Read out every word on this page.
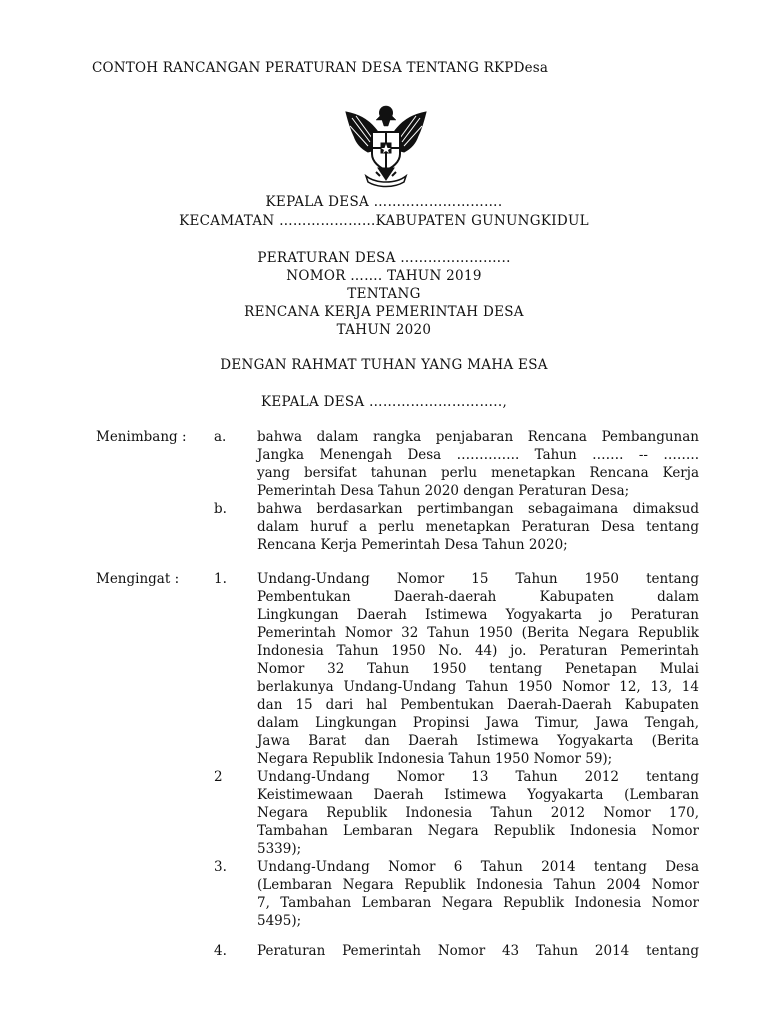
CONTOH RANCANGAN PERATURAN DESA TENTANG RKPDesa
KEPALA DESA ……………………….
KECAMATAN …………………KABUPATEN GUNUNGKIDUL
PERATURAN DESA ……………….…..
NOMOR ……. TAHUN 2019
TENTANG
RENCANA KERJA PEMERINTAH DESA
TAHUN 2020
DENGAN RAHMAT TUHAN YANG MAHA ESA
KEPALA DESA ………………………..,
Menimbang : a. bahwa dalam rangka penjabaran Rencana Pembangunan
Jangka Menengah Desa ………….. Tahun ……. -- ……..
yang bersifat tahunan perlu menetapkan Rencana Kerja
Pemerintah Desa Tahun 2020 dengan Peraturan Desa;
b. bahwa berdasarkan pertimbangan sebagaimana dimaksud
dalam huruf a perlu menetapkan Peraturan Desa tentang
Rencana Kerja Pemerintah Desa Tahun 2020;
Mengingat :	1. Undang-Undang Nomor 15 Tahun 1950 tentang
Pembentukan Daerah-daerah Kabupaten dalam
Lingkungan Daerah Istimewa Yogyakarta jo Peraturan
Pemerintah Nomor 32 Tahun 1950 (Berita Negara Republik
Indonesia Tahun 1950 No. 44) jo. Peraturan Pemerintah
Nomor 32 Tahun 1950 tentang Penetapan Mulai
berlakunya Undang-Undang Tahun 1950 Nomor 12, 13, 14
dan 15 dari hal Pembentukan Daerah-Daerah Kabupaten
dalam Lingkungan Propinsi Jawa Timur, Jawa Tengah,
Jawa Barat dan Daerah Istimewa Yogyakarta (Berita
Negara Republik Indonesia Tahun 1950 Nomor 59);
2	Undang-Undang Nomor 13 Tahun 2012 tentang
Keistimewaan Daerah Istimewa Yogyakarta (Lembaran
Negara Republik Indonesia Tahun 2012 Nomor 170,
Tambahan Lembaran Negara Republik Indonesia Nomor
5339);
3. Undang-Undang Nomor 6 Tahun 2014 tentang Desa
(Lembaran Negara Republik Indonesia Tahun 2004 Nomor
7, Tambahan Lembaran Negara Republik Indonesia Nomor
5495);
4. Peraturan Pemerintah Nomor 43 Tahun 2014 tentang
